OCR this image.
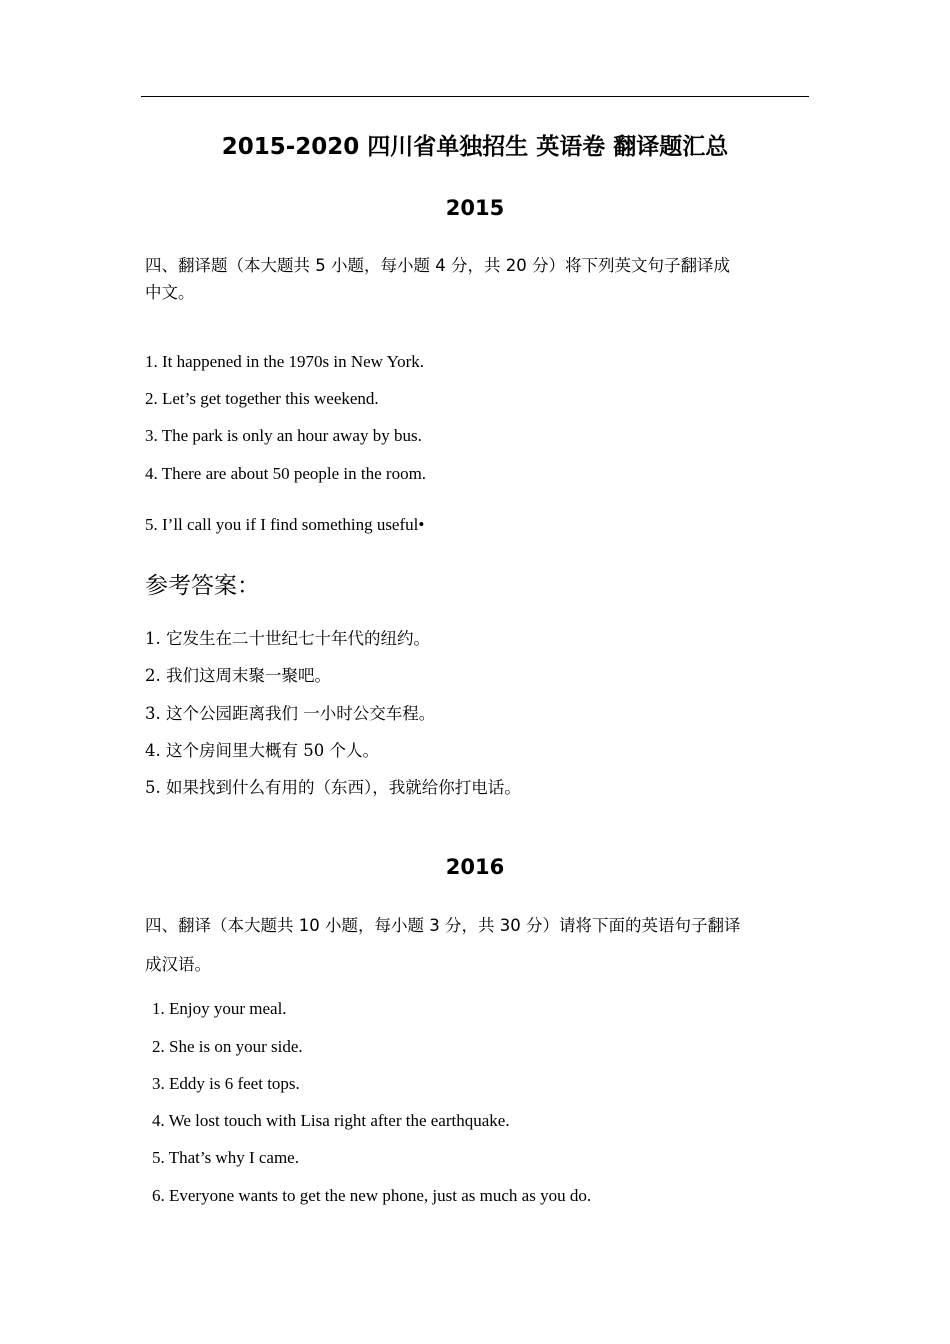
2015-2020 四川省单独招生 英语卷 翻译题汇总
2015
四、翻译题（本大题共 5 小题，每小题 4 分，共 20 分）将下列英文句子翻译成
中文。
1. It happened in the 1970s in New York.
2. Let’s get together this weekend.
3. The park is only an hour away by bus.
4. There are about 50 people in the room.
5. I’ll call you if I find something useful•
参考答案：
1. 它发生在二十世纪七十年代的纽约。
2. 我们这周末聚一聚吧。
3. 这个公园距离我们 一小时公交车程。
4. 这个房间里大概有 50 个人。
5. 如果找到什么有用的（东西），我就给你打电话。
2016
四、翻译（本大题共 10 小题，每小题 3 分，共 30 分）请将下面的英语句子翻译
成汉语。
1. Enjoy your meal.
2. She is on your side.
3. Eddy is 6 feet tops.
4. We lost touch with Lisa right after the earthquake.
5. That’s why I came.
6. Everyone wants to get the new phone, just as much as you do.
